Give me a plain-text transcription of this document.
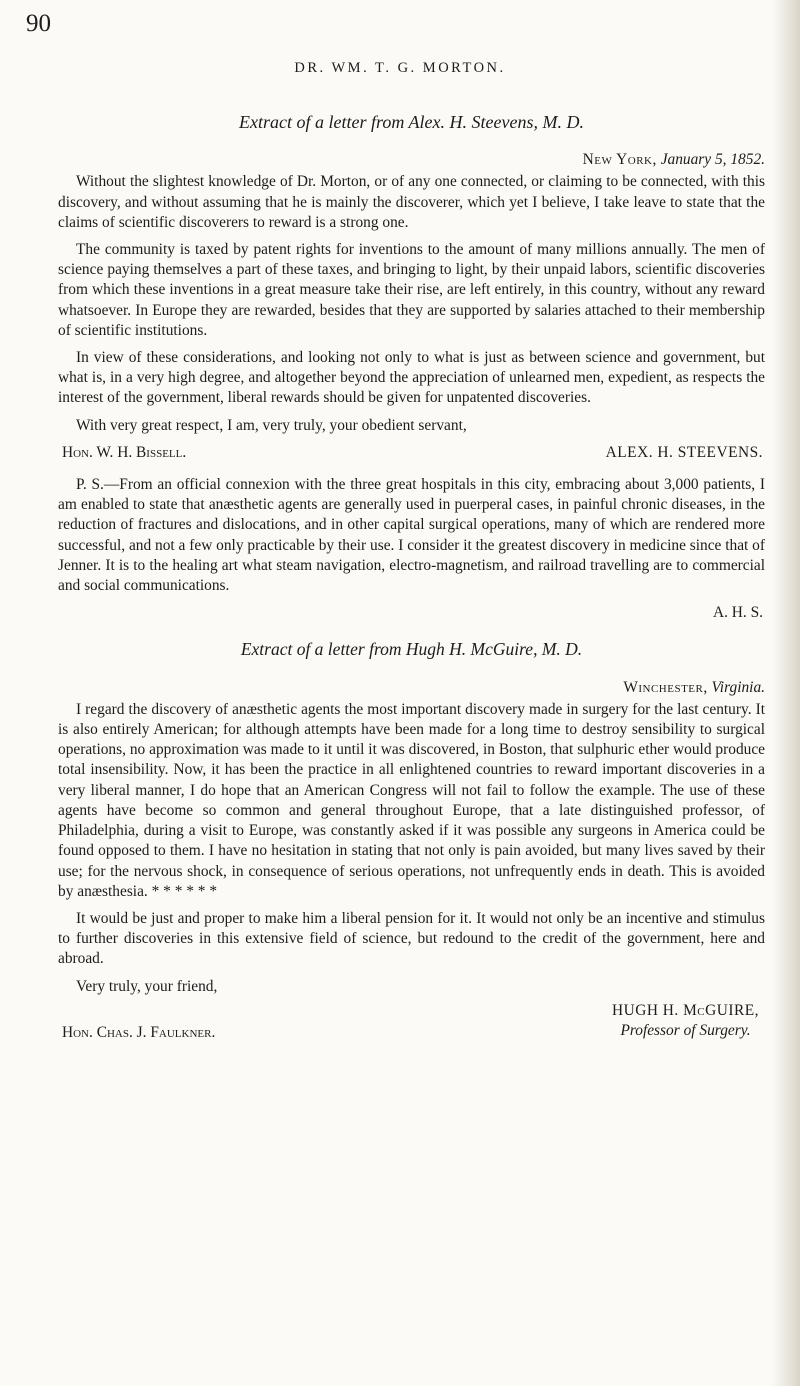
90
DR. WM. T. G. MORTON.
Extract of a letter from Alex. H. Steevens, M. D.
New York, January 5, 1852.

Without the slightest knowledge of Dr. Morton, or of any one connected, or claiming to be connected, with this discovery, and without assuming that he is mainly the discoverer, which yet I believe, I take leave to state that the claims of scientific discoverers to reward is a strong one.

The community is taxed by patent rights for inventions to the amount of many millions annually. The men of science paying themselves a part of these taxes, and bringing to light, by their unpaid labors, scientific discoveries from which these inventions in a great measure take their rise, are left entirely, in this country, without any reward whatsoever. In Europe they are rewarded, besides that they are supported by salaries attached to their membership of scientific institutions.

In view of these considerations, and looking not only to what is just as between science and government, but what is, in a very high degree, and altogether beyond the appreciation of unlearned men, expedient, as respects the interest of the government, liberal rewards should be given for unpatented discoveries.

With very great respect, I am, very truly, your obedient servant,

Hon. W. H. Bissell.	ALEX. H. STEEVENS.

P. S.—From an official connexion with the three great hospitals in this city, embracing about 3,000 patients, I am enabled to state that anæsthetic agents are generally used in puerperal cases, in painful chronic diseases, in the reduction of fractures and dislocations, and in other capital surgical operations, many of which are rendered more successful, and not a few only practicable by their use. I consider it the greatest discovery in medicine since that of Jenner. It is to the healing art what steam navigation, electro-magnetism, and railroad travelling are to commercial and social communications.

A. H. S.
Extract of a letter from Hugh H. McGuire, M. D.
Winchester, Virginia.

I regard the discovery of anæsthetic agents the most important discovery made in surgery for the last century. It is also entirely American; for although attempts have been made for a long time to destroy sensibility to surgical operations, no approximation was made to it until it was discovered, in Boston, that sulphuric ether would produce total insensibility. Now, it has been the practice in all enlightened countries to reward important discoveries in a very liberal manner, I do hope that an American Congress will not fail to follow the example. The use of these agents have become so common and general throughout Europe, that a late distinguished professor, of Philadelphia, during a visit to Europe, was constantly asked if it was possible any surgeons in America could be found opposed to them. I have no hesitation in stating that not only is pain avoided, but many lives saved by their use; for the nervous shock, in consequence of serious operations, not unfrequently ends in death. This is avoided by anæsthesia. * * * * * *

It would be just and proper to make him a liberal pension for it. It would not only be an incentive and stimulus to further discoveries in this extensive field of science, but redound to the credit of the government, here and abroad.

Very truly, your friend,
Hon. Chas. J. Faulkner.
HUGH H. McGUIRE,
Professor of Surgery.
